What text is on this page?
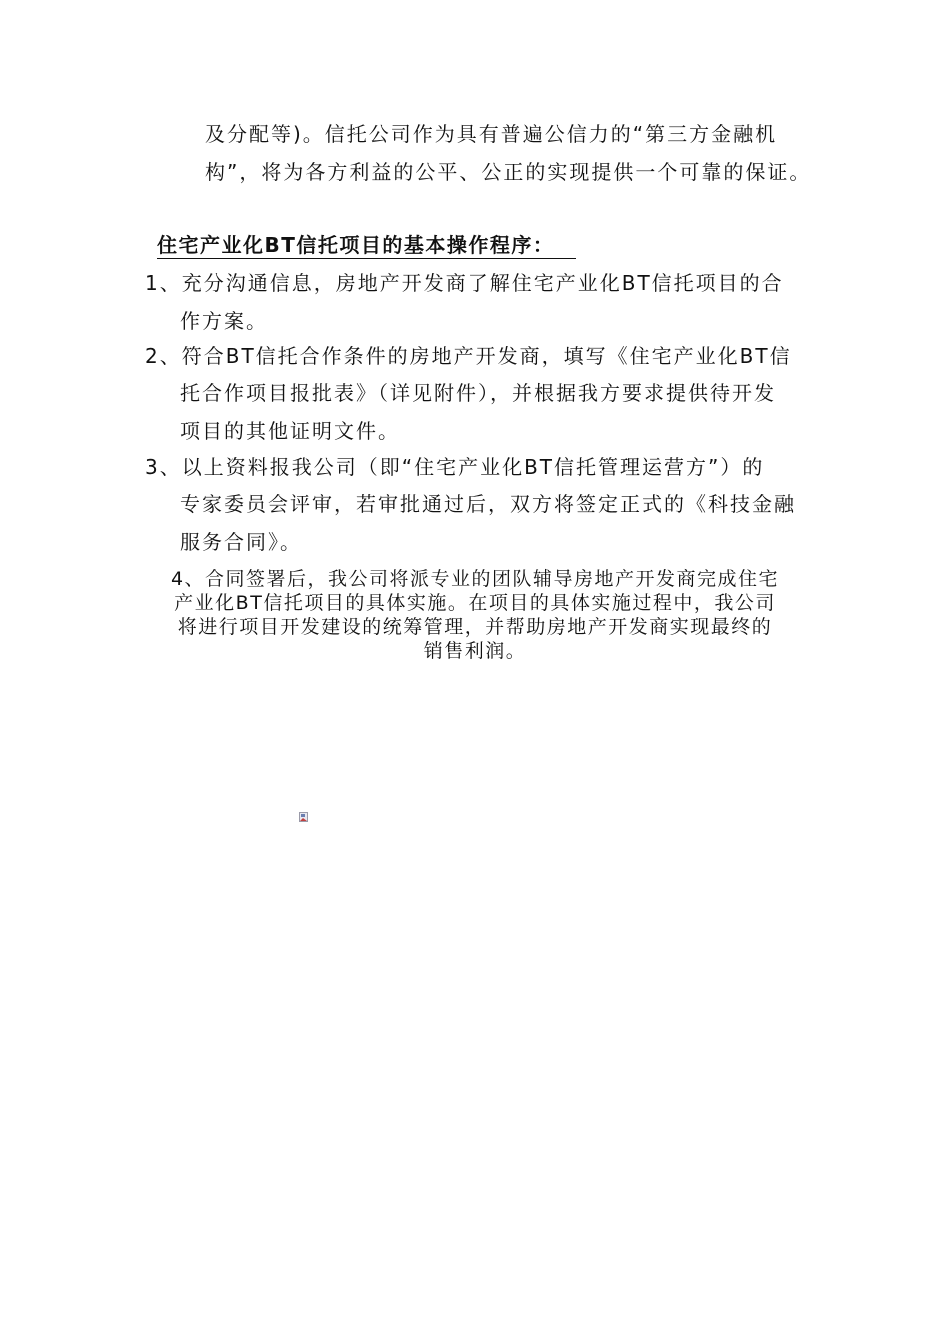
及分配等)。信托公司作为具有普遍公信力的“第三方金融机
构”，将为各方利益的公平、公正的实现提供一个可靠的保证。
住宅产业化BT信托项目的基本操作程序：
1、充分沟通信息，房地产开发商了解住宅产业化BT信托项目的合
作方案。
2、符合BT信托合作条件的房地产开发商，填写《住宅产业化BT信
托合作项目报批表》（详见附件），并根据我方要求提供待开发
项目的其他证明文件。
3、以上资料报我公司（即“住宅产业化BT信托管理运营方”）的
专家委员会评审，若审批通过后，双方将签定正式的《科技金融
服务合同》。
4、合同签署后，我公司将派专业的团队辅导房地产开发商完成住宅
产业化BT信托项目的具体实施。在项目的具体实施过程中，我公司
将进行项目开发建设的统筹管理，并帮助房地产开发商实现最终的
销售利润。
